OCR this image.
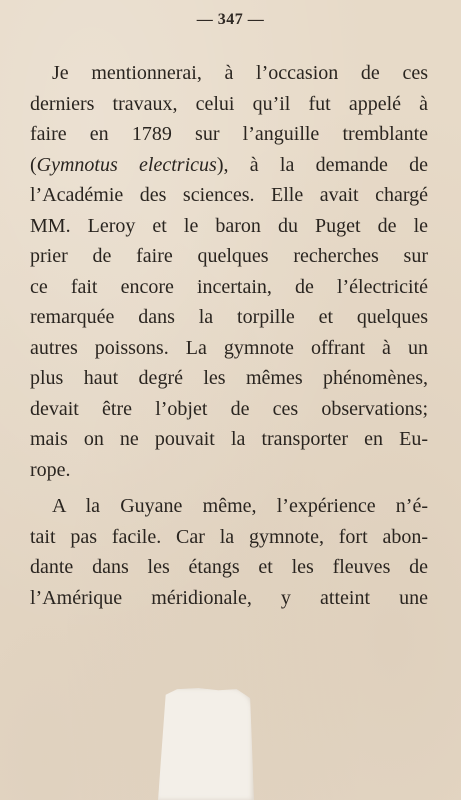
— 347 —
Je mentionnerai, à l’occasion de ces
derniers travaux, celui qu’il fut appelé à
faire en 1789 sur l’anguille tremblante
(Gymnotus electricus), à la demande de
l’Académie des sciences. Elle avait chargé
MM. Leroy et le baron du Puget de le
prier de faire quelques recherches sur
ce fait encore incertain, de l’électricité
remarquée dans la torpille et quelques
autres poissons. La gymnote offrant à un
plus haut degré les mêmes phénomènes,
devait être l’objet de ces observations;
mais on ne pouvait la transporter en Eu-
rope.
A la Guyane même, l’expérience n’é-
tait pas facile. Car la gymnote, fort abon-
dante dans les étangs et les fleuves de
l’Amérique méridionale, y atteint une
